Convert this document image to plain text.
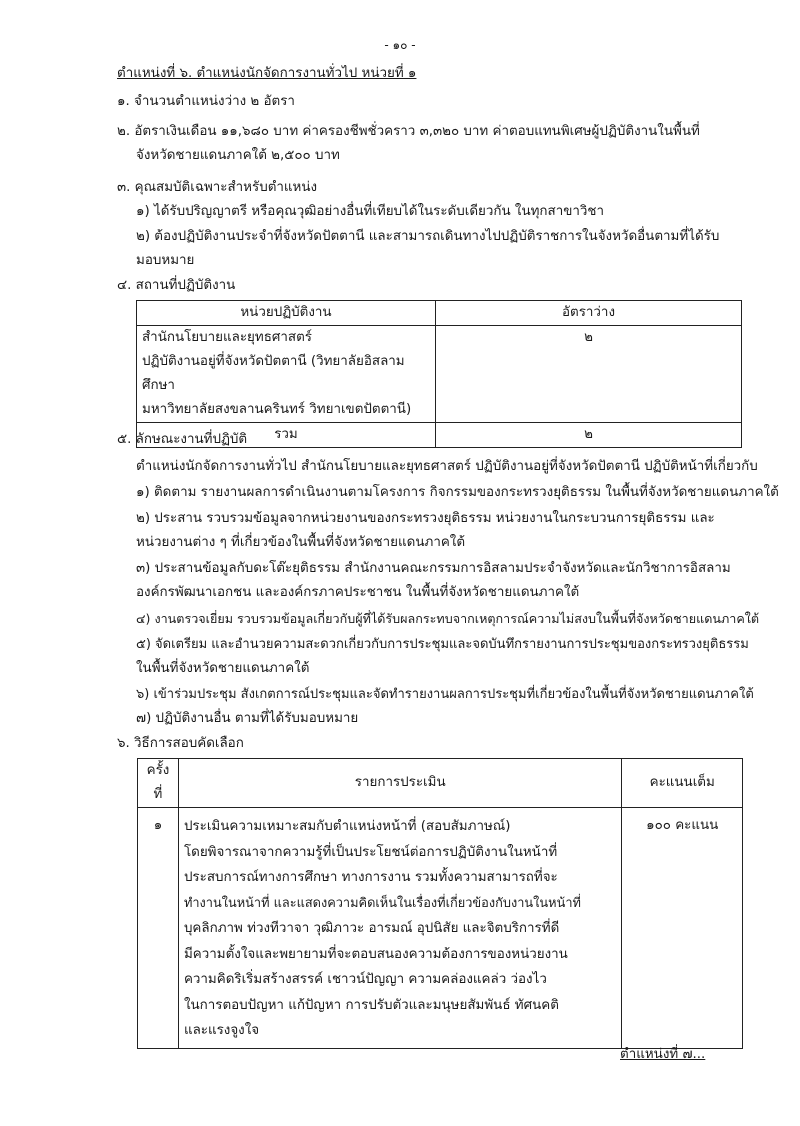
- ๑๐ -
ตำแหน่งที่ ๖. ตำแหน่งนักจัดการงานทั่วไป หน่วยที่ ๑
๑. จำนวนตำแหน่งว่าง ๒ อัตรา
๒. อัตราเงินเดือน ๑๑,๖๘๐ บาท ค่าครองชีพชั่วคราว ๓,๓๒๐ บาท ค่าตอบแทนพิเศษผู้ปฏิบัติงานในพื้นที่
จังหวัดชายแดนภาคใต้ ๒,๕๐๐ บาท
๓. คุณสมบัติเฉพาะสำหรับตำแหน่ง
๑) ได้รับปริญญาตรี หรือคุณวุฒิอย่างอื่นที่เทียบได้ในระดับเดียวกัน ในทุกสาขาวิชา
๒) ต้องปฏิบัติงานประจำที่จังหวัดปัตตานี และสามารถเดินทางไปปฏิบัติราชการในจังหวัดอื่นตามที่ได้รับ
มอบหมาย
๔. สถานที่ปฏิบัติงาน
หน่วยปฏิบัติงาน	อัตราว่าง

สำนักนโยบายและยุทธศาสตร์
ปฏิบัติงานอยู่ที่จังหวัดปัตตานี (วิทยาลัยอิสลามศึกษา
มหาวิทยาลัยสงขลานครินทร์ วิทยาเขตปัตตานี)	๒
รวม	๒
๕. ลักษณะงานที่ปฏิบัติ
ตำแหน่งนักจัดการงานทั่วไป สำนักนโยบายและยุทธศาสตร์ ปฏิบัติงานอยู่ที่จังหวัดปัตตานี ปฏิบัติหน้าที่เกี่ยวกับ
๑) ติดตาม รายงานผลการดำเนินงานตามโครงการ กิจกรรมของกระทรวงยุติธรรม ในพื้นที่จังหวัดชายแดนภาคใต้
๒) ประสาน รวบรวมข้อมูลจากหน่วยงานของกระทรวงยุติธรรม หน่วยงานในกระบวนการยุติธรรม และ
หน่วยงานต่าง ๆ ที่เกี่ยวข้องในพื้นที่จังหวัดชายแดนภาคใต้
๓) ประสานข้อมูลกับดะโต๊ะยุติธรรม สำนักงานคณะกรรมการอิสลามประจำจังหวัดและนักวิชาการอิสลาม
องค์กรพัฒนาเอกชน และองค์กรภาคประชาชน ในพื้นที่จังหวัดชายแดนภาคใต้
๔) งานตรวจเยี่ยม รวบรวมข้อมูลเกี่ยวกับผู้ที่ได้รับผลกระทบจากเหตุการณ์ความไม่สงบในพื้นที่จังหวัดชายแดนภาคใต้
๕) จัดเตรียม และอำนวยความสะดวกเกี่ยวกับการประชุมและจดบันทึกรายงานการประชุมของกระทรวงยุติธรรม
ในพื้นที่จังหวัดชายแดนภาคใต้
๖) เข้าร่วมประชุม สังเกตการณ์ประชุมและจัดทำรายงานผลการประชุมที่เกี่ยวข้องในพื้นที่จังหวัดชายแดนภาคใต้
๗) ปฏิบัติงานอื่น ตามที่ได้รับมอบหมาย
๖. วิธีการสอบคัดเลือก
ครั้งที่	รายการประเมิน	คะแนนเต็ม
๑	ประเมินความเหมาะสมกับตำแหน่งหน้าที่ (สอบสัมภาษณ์)
โดยพิจารณาจากความรู้ที่เป็นประโยชน์ต่อการปฏิบัติงานในหน้าที่
ประสบการณ์ทางการศึกษา ทางการงาน รวมทั้งความสามารถที่จะ
ทำงานในหน้าที่ และแสดงความคิดเห็นในเรื่องที่เกี่ยวข้องกับงานในหน้าที่
บุคลิกภาพ ท่วงทีวาจา วุฒิภาวะ อารมณ์ อุปนิสัย และจิตบริการที่ดี
มีความตั้งใจและพยายามที่จะตอบสนองความต้องการของหน่วยงาน
ความคิดริเริ่มสร้างสรรค์ เชาวน์ปัญญา ความคล่องแคล่ว ว่องไว
ในการตอบปัญหา แก้ปัญหา การปรับตัวและมนุษยสัมพันธ์ ทัศนคติ
และแรงจูงใจ
	๑๐๐ คะแนน
ตำแหน่งที่ ๗...
